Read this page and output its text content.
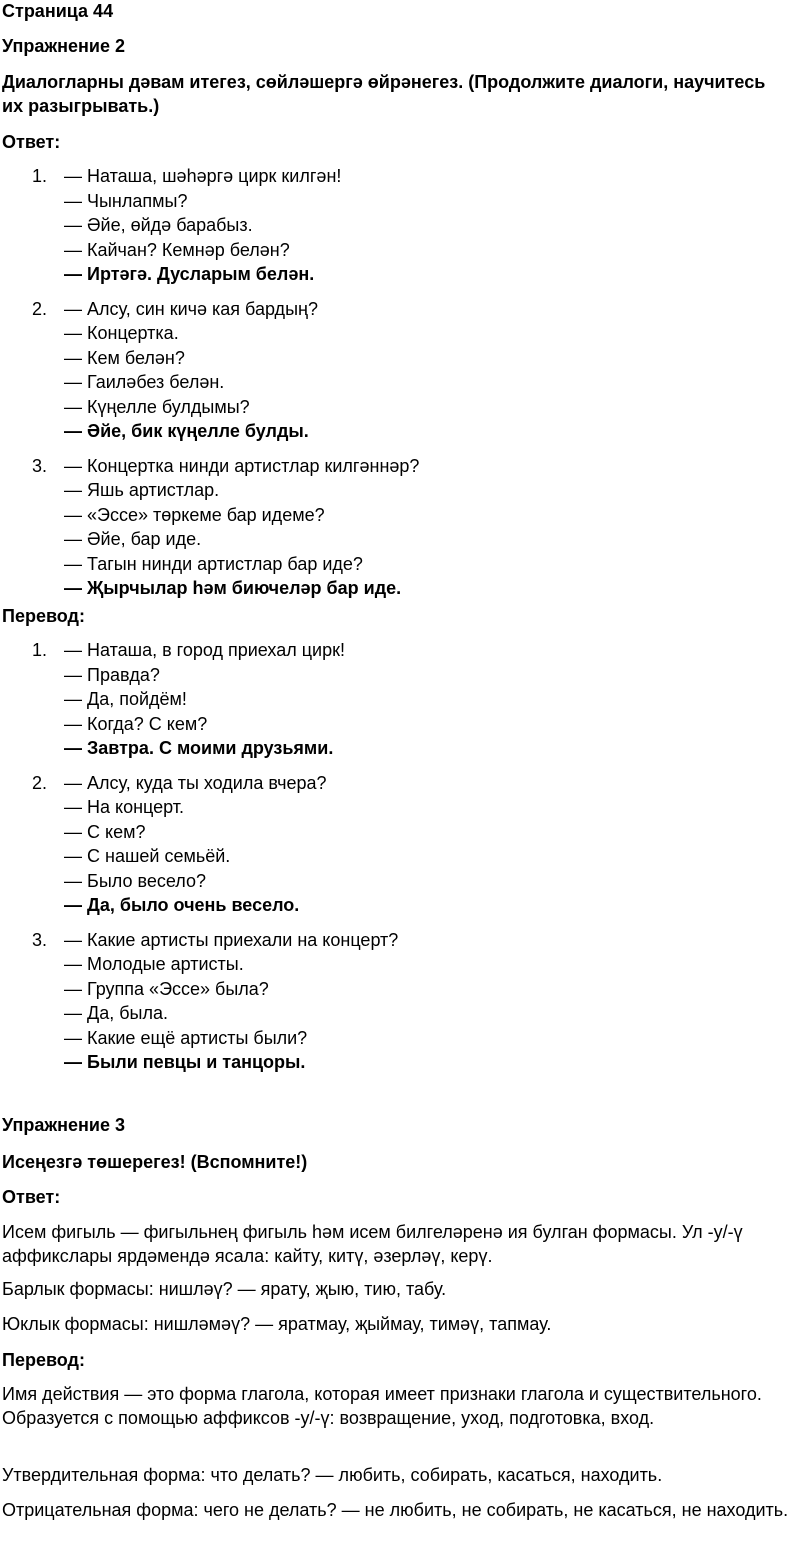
Страница 44
Упражнение 2
Диалогларны дәвам итегез, сөйләшергә өйрәнегез. (Продолжите диалоги, научитесь их разыгрывать.)
Ответ:
1. — Наташа, шәһәргә цирк килгән!
— Чынлапмы?
— Әйе, өйдә барабыз.
— Кайчан? Кемнәр белән?
— Иртәгә. Дусларым белән.
2. — Алсу, син кичә кая бардың?
— Концертка.
— Кем белән?
— Гаиләбез белән.
— Күңелле булдымы?
— Әйе, бик күңелле булды.
3. — Концертка нинди артистлар килгәннәр?
— Яшь артистлар.
— «Эссе» төркеме бар идеме?
— Әйе, бар иде.
— Тагын нинди артистлар бар иде?
— Җырчылар һәм биючеләр бар иде.
Перевод:
1. — Наташа, в город приехал цирк!
— Правда?
— Да, пойдём!
— Когда? С кем?
— Завтра. С моими друзьями.
2. — Алсу, куда ты ходила вчера?
— На концерт.
— С кем?
— С нашей семьёй.
— Было весело?
— Да, было очень весело.
3. — Какие артисты приехали на концерт?
— Молодые артисты.
— Группа «Эссе» была?
— Да, была.
— Какие ещё артисты были?
— Были певцы и танцоры.
Упражнение 3
Исеңезгә төшерегез! (Вспомните!)
Ответ:

Исем фигыль — фигыльнең фигыль һәм исем билгеләренә ия булган формасы. Ул -у/-ү аффикслары ярдәмендә ясала: кайту, китү, әзерләү, керү.

Барлык формасы: нишләү? — ярату, җыю, тию, табу.

Юклык формасы: нишләмәү? — яратмау, җыймау, тимәү, тапмау.

Перевод:

Имя действия — это форма глагола, которая имеет признаки глагола и существительного. Образуется с помощью аффиксов -у/-ү: возвращение, уход, подготовка, вход.

Утвердительная форма: что делать? — любить, собирать, касаться, находить.

Отрицательная форма: чего не делать? — не любить, не собирать, не касаться, не находить.
